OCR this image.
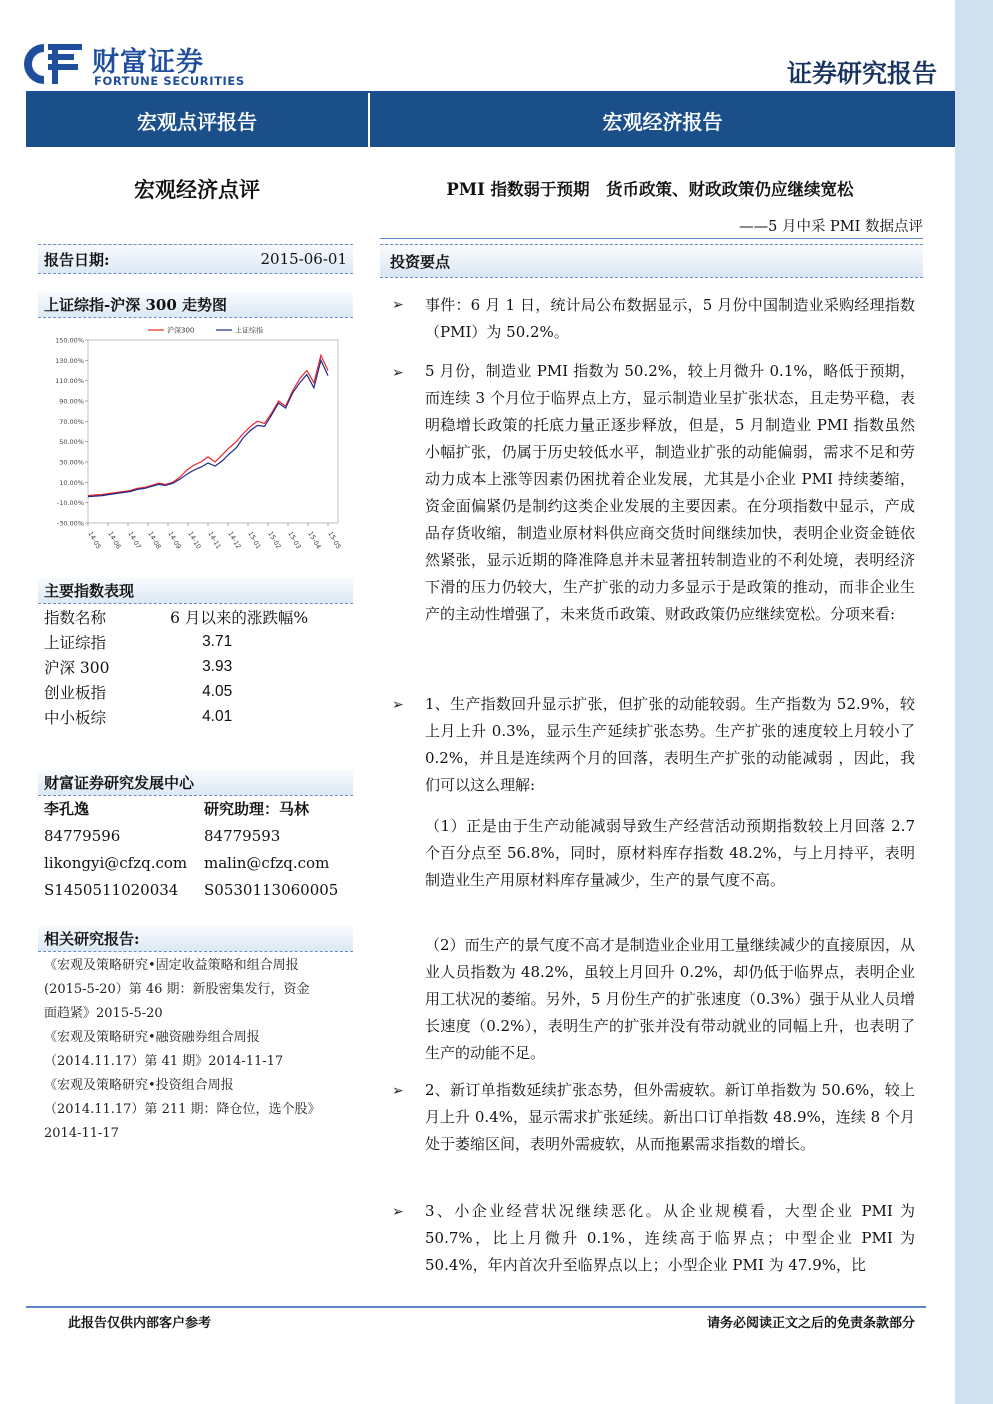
财富证券
FORTUNE SECURITIES	证券研究报告
宏观点评报告	宏观经济报告
宏观经济点评	PMI 指数弱于预期　货币政策、财政政策仍应继续宽松
——5 月中采 PMI 数据点评
报告日期:	2015-06-01
上证综指-沪深 300 走势图
150.00%
130.00%
110.00%
90.00%
70.00%
50.00%
30.00%
10.00%
-10.00%
-30.00%
14-05 14-06 14-07 14-08 14-09 14-10 14-11 14-12 15-01 15-02 15-03 15-04 15-05
沪深300	上证综指
主要指数表现
指数名称	6 月以来的涨跌幅%
上证综指	3.71
沪深 300	3.93
创业板指	4.05
中小板综	4.01
财富证券研究发展中心
李孔逸	研究助理：马林
84779596	84779593
likongyi@cfzq.com	malin@cfzq.com
S1450511020034	S0530113060005
相关研究报告:
《宏观及策略研究•固定收益策略和组合周报
(2015-5-20）第 46 期：新股密集发行，资金
面趋紧》2015-5-20
《宏观及策略研究•融资融券组合周报
（2014.11.17）第 41 期》2014-11-17
《宏观及策略研究•投资组合周报
（2014.11.17）第 211 期：降仓位，选个股》
2014-11-17
投资要点
➢ 事件：6 月 1 日，统计局公布数据显示，5 月份中国制造业采购经理指数（PMI）为 50.2%。
➢ 5 月份，制造业 PMI 指数为 50.2%，较上月微升 0.1%，略低于预期，而连续 3 个月位于临界点上方，显示制造业呈扩张状态，且走势平稳，表明稳增长政策的托底力量正逐步释放，但是，5 月制造业 PMI 指数虽然小幅扩张，仍属于历史较低水平，制造业扩张的动能偏弱，需求不足和劳动力成本上涨等因素仍困扰着企业发展，尤其是小企业 PMI 持续萎缩，资金面偏紧仍是制约这类企业发展的主要因素。在分项指数中显示，产成品存货收缩，制造业原材料供应商交货时间继续加快，表明企业资金链依然紧张，显示近期的降准降息并未显著扭转制造业的不利处境，表明经济下滑的压力仍较大，生产扩张的动力多显示于是政策的推动，而非企业生产的主动性增强了，未来货币政策、财政政策仍应继续宽松。分项来看:
➢ 1、生产指数回升显示扩张，但扩张的动能较弱。生产指数为 52.9%，较上月上升 0.3%，显示生产延续扩张态势。生产扩张的速度较上月较小了 0.2%，并且是连续两个月的回落，表明生产扩张的动能减弱 ，因此，我们可以这么理解:
（1）正是由于生产动能减弱导致生产经营活动预期指数较上月回落 2.7 个百分点至 56.8%，同时，原材料库存指数 48.2%，与上月持平，表明制造业生产用原材料库存量减少，生产的景气度不高。
（2）而生产的景气度不高才是制造业企业用工量继续减少的直接原因，从业人员指数为 48.2%，虽较上月回升 0.2%，却仍低于临界点，表明企业用工状况的萎缩。另外，5 月份生产的扩张速度（0.3%）强于从业人员增长速度（0.2%），表明生产的扩张并没有带动就业的同幅上升，也表明了生产的动能不足。
➢ 2、新订单指数延续扩张态势，但外需疲软。新订单指数为 50.6%，较上月上升 0.4%，显示需求扩张延续。新出口订单指数 48.9%，连续 8 个月处于萎缩区间，表明外需疲软，从而拖累需求指数的增长。
➢ 3、小企业经营状况继续恶化。从企业规模看，大型企业 PMI 为 50.7%，比上月微升 0.1%，连续高于临界点；中型企业 PMI 为 50.4%，年内首次升至临界点以上；小型企业 PMI 为 47.9%，比
此报告仅供内部客户参考	请务必阅读正文之后的免责条款部分
